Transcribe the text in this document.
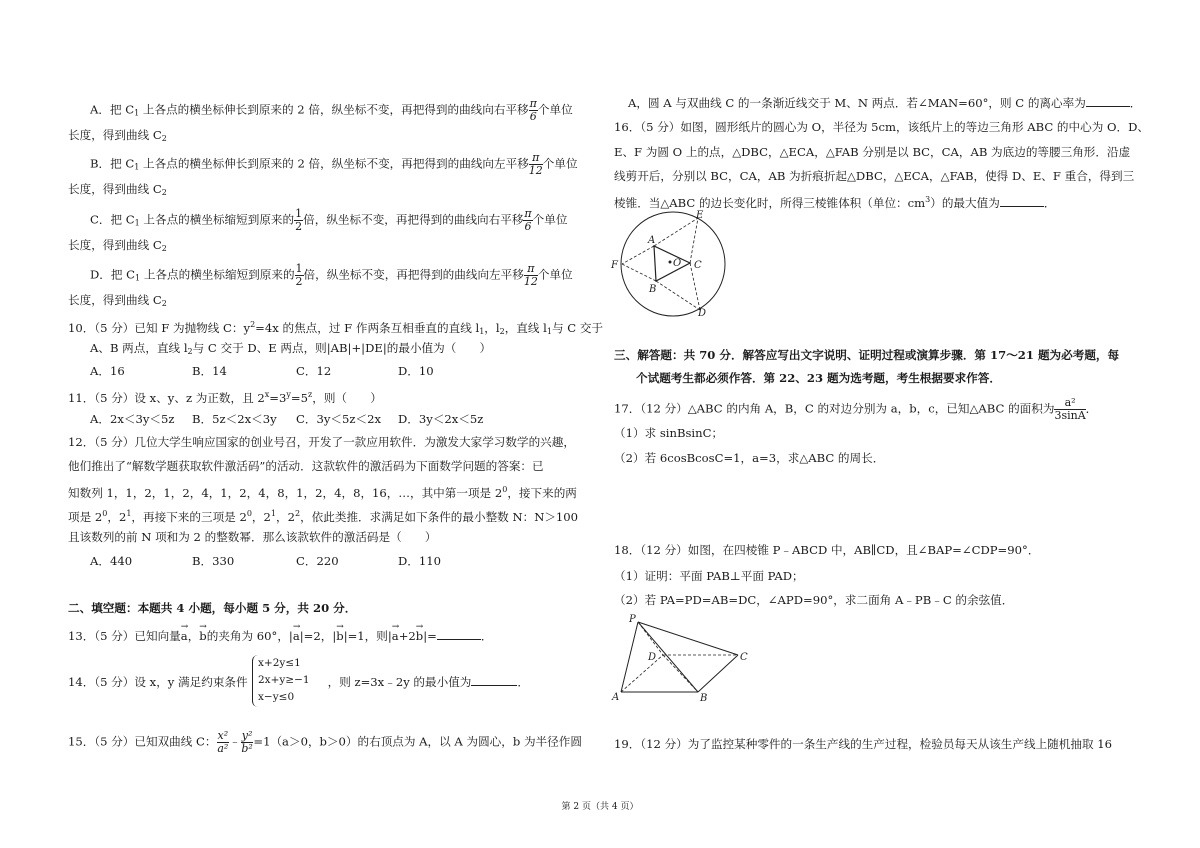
A．把 C1 上各点的横坐标伸长到原来的 2 倍，纵坐标不变，再把得到的曲线向右平移 $\frac{\pi}{6}$ 个单位
长度，得到曲线 C2
B．把 C1 上各点的横坐标伸长到原来的 2 倍，纵坐标不变，再把得到的曲线向左平移 $\frac{\pi}{12}$ 个单位
长度，得到曲线 C2
C．把 C1 上各点的横坐标缩短到原来的 $\frac{1}{2}$ 倍，纵坐标不变，再把得到的曲线向右平移 $\frac{\pi}{6}$ 个单位
长度，得到曲线 C2
D．把 C1 上各点的横坐标缩短到原来的 $\frac{1}{2}$ 倍，纵坐标不变，再把得到的曲线向左平移 $\frac{\pi}{12}$ 个单位
长度，得到曲线 C2
10．（5 分）已知 F 为抛物线 C：$y^2=4x$ 的焦点，过 F 作两条互相垂直的直线 l1，l2，直线 l1与 C 交于
A、B 两点，直线 l2与 C 交于 D、E 两点，则|AB|+|DE|的最小值为（　　）
A．16	B．14	C．12	D．10
11．（5 分）设 x、y、z 为正数，且 $2^x=3^y=5^z$，则（　　）
A．2x＜3y＜5z B．5z＜2x＜3y C．3y＜5z＜2x D．3y＜2x＜5z
12．（5 分）几位大学生响应国家的创业号召，开发了一款应用软件．为激发大家学习数学的兴趣，
他们推出了“解数学题获取软件激活码”的活动．这款软件的激活码为下面数学问题的答案：已
知数列 1，1，2，1，2，4，1，2，4，8，1，2，4，8，16，…，其中第一项是 $2^0$，接下来的两
项是 $2^0$，$2^1$，再接下来的三项是 $2^0$，$2^1$，$2^2$，依此类推．求满足如下条件的最小整数 N：N＞100
且该数列的前 N 项和为 2 的整数幂．那么该款软件的激活码是（　　）
A．440	B．330	C．220	D．110
二、填空题：本题共 4 小题，每小题 5 分，共 20 分．
13．（5 分）已知向量→ a，→ b的夹角为 60°，|→ a|=2，|→ b|=1，则|→ a+2→ b|=	．
14．（5 分）设 x，y 满足约束条件	，则 z=3x﹣2y 的最小值为	．
x+2y≤1
2x+y≥−1
x−y≤0
15．（5 分）已知双曲线 C： $\frac{\text{x²}}{\text{a²}}$ ﹣ $\frac{\text{y²}}{\text{b²}} =1(a>0$，b＞0）的右顶点为 A，以 A 为圆心，b 为半径作圆
A，圆 A 与双曲线 C 的一条渐近线交于 M、N 两点．若∠MAN=60°，则 C 的离心率为	．
16．（5 分）如图，圆形纸片的圆心为 O，半径为 5cm，该纸片上的等边三角形 ABC 的中心为 O．D、
E、F 为圆 O 上的点，△DBC，△ECA，△FAB 分别是以 BC，CA，AB 为底边的等腰三角形．沿虚
线剪开后，分别以 BC，CA，AB 为折痕折起△DBC，△ECA，△FAB，使得 D、E、F 重合，得到三
棱锥．当△ABC 的边长变化时，所得三棱锥体积（单位：$cm^3$）的最大值为	．
A
B
C
D
E
F	O
三、解答题：共 70 分．解答应写出文字说明、证明过程或演算步骤．第 17～21 题为必考题，每
个试题考生都必须作答．第 22、23 题为选考题，考生根据要求作答．
17．（12 分）△ABC 的内角 A，B，C 的对边分别为 a，b，c，已知△ABC 的面积为 $\frac{\text{a²}}{3\sin A}$ ．
（1）求 sinBsinC；
（2）若 6cosBcosC=1，a=3，求△ABC 的周长．
18．（12 分）如图，在四棱锥 P﹣ABCD 中，AB∥CD，且∠BAP=∠CDP=90°．
（1）证明：平面 PAB⊥平面 PAD；
（2）若 PA=PD=AB=DC，∠APD=90°，求二面角 A﹣PB﹣C 的余弦值．
P
A	B
C
D
19．（12 分）为了监控某种零件的一条生产线的生产过程，检验员每天从该生产线上随机抽取 16
第 2 页（共 4 页）
